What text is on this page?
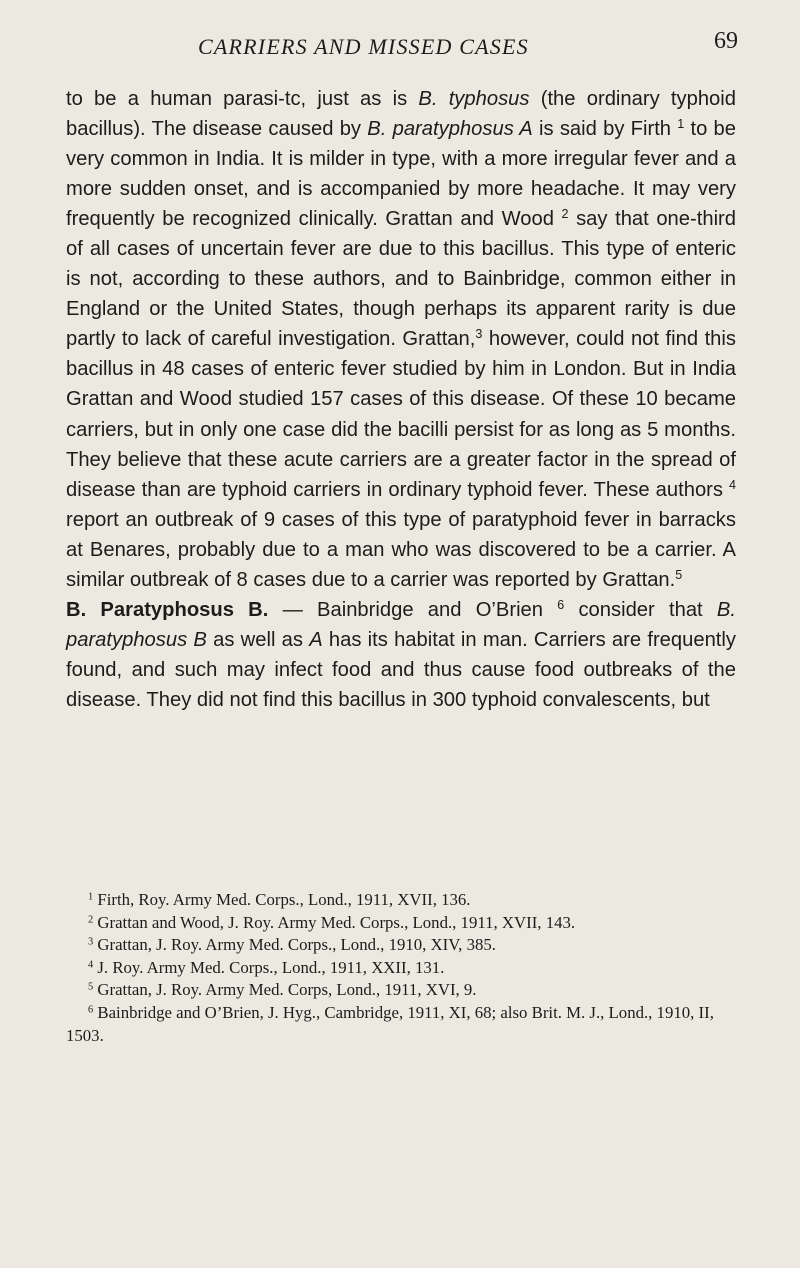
CARRIERS AND MISSED CASES	69

to be a human parasi‑tc, just as is B. typhosus (the ordinary typhoid bacillus). The disease caused by B. paratyphosus A is said by Firth $^1$ to be very common in India. It is milder in type, with a more irregular fever and a more sudden onset, and is accompanied by more headache. It may very frequently be recognized clinically. Grattan and Wood $^2$ say that one-third of all cases of uncertain fever are due to this bacillus. This type of enteric is not, according to these authors, and to Bainbridge, common either in England or the United States, though perhaps its apparent rarity is due partly to lack of careful investigation. Grattan,$^3$ however, could not find this bacillus in 48 cases of enteric fever studied by him in London. But in India Grattan and Wood studied 157 cases of this disease. Of these 10 became carriers, but in only one case did the bacilli persist for as long as 5 months. They believe that these acute carriers are a greater factor in the spread of disease than are typhoid carriers in ordinary typhoid fever. These authors $^4$ report an outbreak of 9 cases of this type of paratyphoid fever in barracks at Benares, probably due to a man who was discovered to be a carrier. A similar outbreak of 8 cases due to a carrier was reported by Grattan.$^5$

B. Paratyphosus B. — Bainbridge and O’Brien $^6$ consider that B. paratyphosus B as well as A has its habitat in man. Carriers are frequently found, and such may infect food and thus cause food outbreaks of the disease. They did not find this bacillus in 300 typhoid convalescents, but

$^1$ Firth, Roy. Army Med. Corps., Lond., 1911, XVII, 136.

$^2$ Grattan and Wood, J. Roy. Army Med. Corps., Lond., 1911, XVII, 143.

$^3$ Grattan, J. Roy. Army Med. Corps., Lond., 1910, XIV, 385.

$^4$ J. Roy. Army Med. Corps., Lond., 1911, XXII, 131.

$^5$ Grattan, J. Roy. Army Med. Corps, Lond., 1911, XVI, 9.

$^6$ Bainbridge and O’Brien, J. Hyg., Cambridge, 1911, XI, 68; also Brit. M. J., Lond., 1910, II, 1503.
